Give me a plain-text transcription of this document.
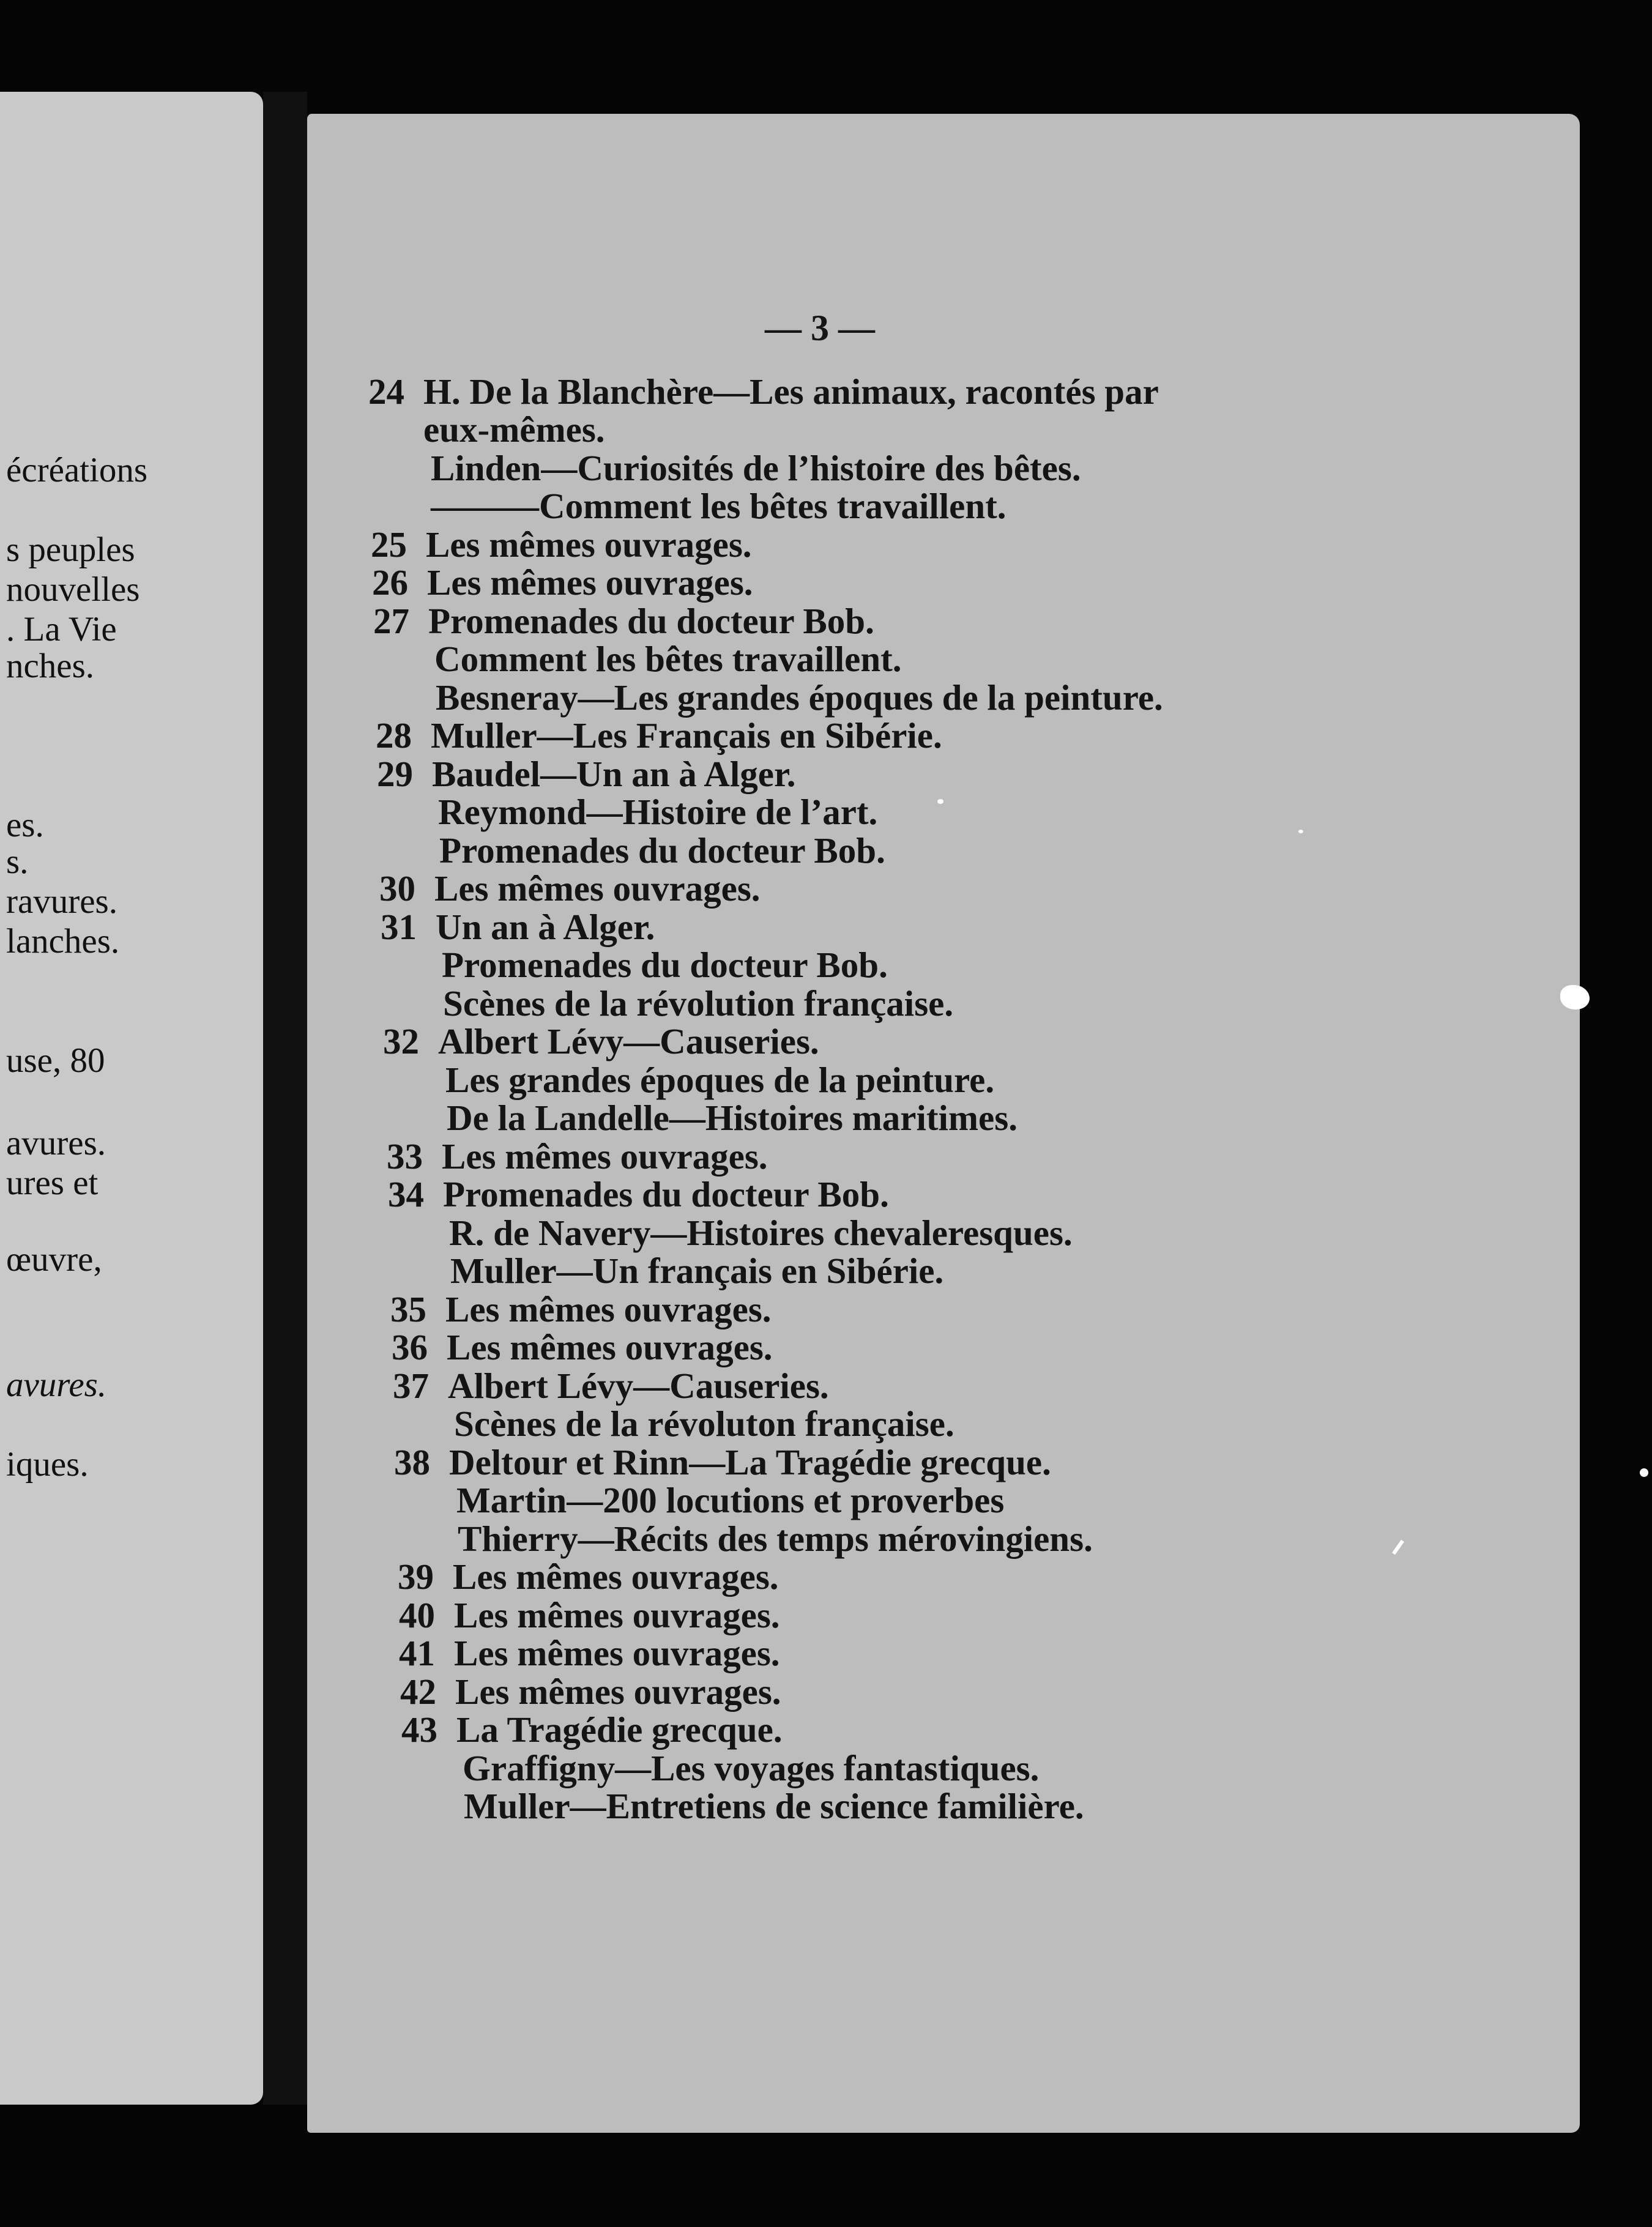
écréations
s peuples
nouvelles
. La Vie
nches.
es.
s.
ravures.
lanches.
use, 80
avures.
ures et
œuvre,
avures.
iques.
— 3 —
24 H. De la Blanchère—Les animaux, racontés par
eux-mêmes.
Linden—Curiosités de l’histoire des bêtes.
———Comment les bêtes travaillent.
25 Les mêmes ouvrages.
26 Les mêmes ouvrages.
27 Promenades du docteur Bob.
Comment les bêtes travaillent.
Besneray—Les grandes époques de la peinture.
28 Muller—Les Français en Sibérie.
29 Baudel—Un an à Alger.
Reymond—Histoire de l’art.
Promenades du docteur Bob.
30 Les mêmes ouvrages.
31 Un an à Alger.
Promenades du docteur Bob.
Scènes de la révolution française.
32 Albert Lévy—Causeries.
Les grandes époques de la peinture.
De la Landelle—Histoires maritimes.
33 Les mêmes ouvrages.
34 Promenades du docteur Bob.
R. de Navery—Histoires chevaleresques.
Muller—Un français en Sibérie.
35 Les mêmes ouvrages.
36 Les mêmes ouvrages.
37 Albert Lévy—Causeries.
Scènes de la révoluton française.
38 Deltour et Rinn—La Tragédie grecque.
Martin—200 locutions et proverbes
Thierry—Récits des temps mérovingiens.
39 Les mêmes ouvrages.
40 Les mêmes ouvrages.
41 Les mêmes ouvrages.
42 Les mêmes ouvrages.
43 La Tragédie grecque.
Graffigny—Les voyages fantastiques.
Muller—Entretiens de science familière.
